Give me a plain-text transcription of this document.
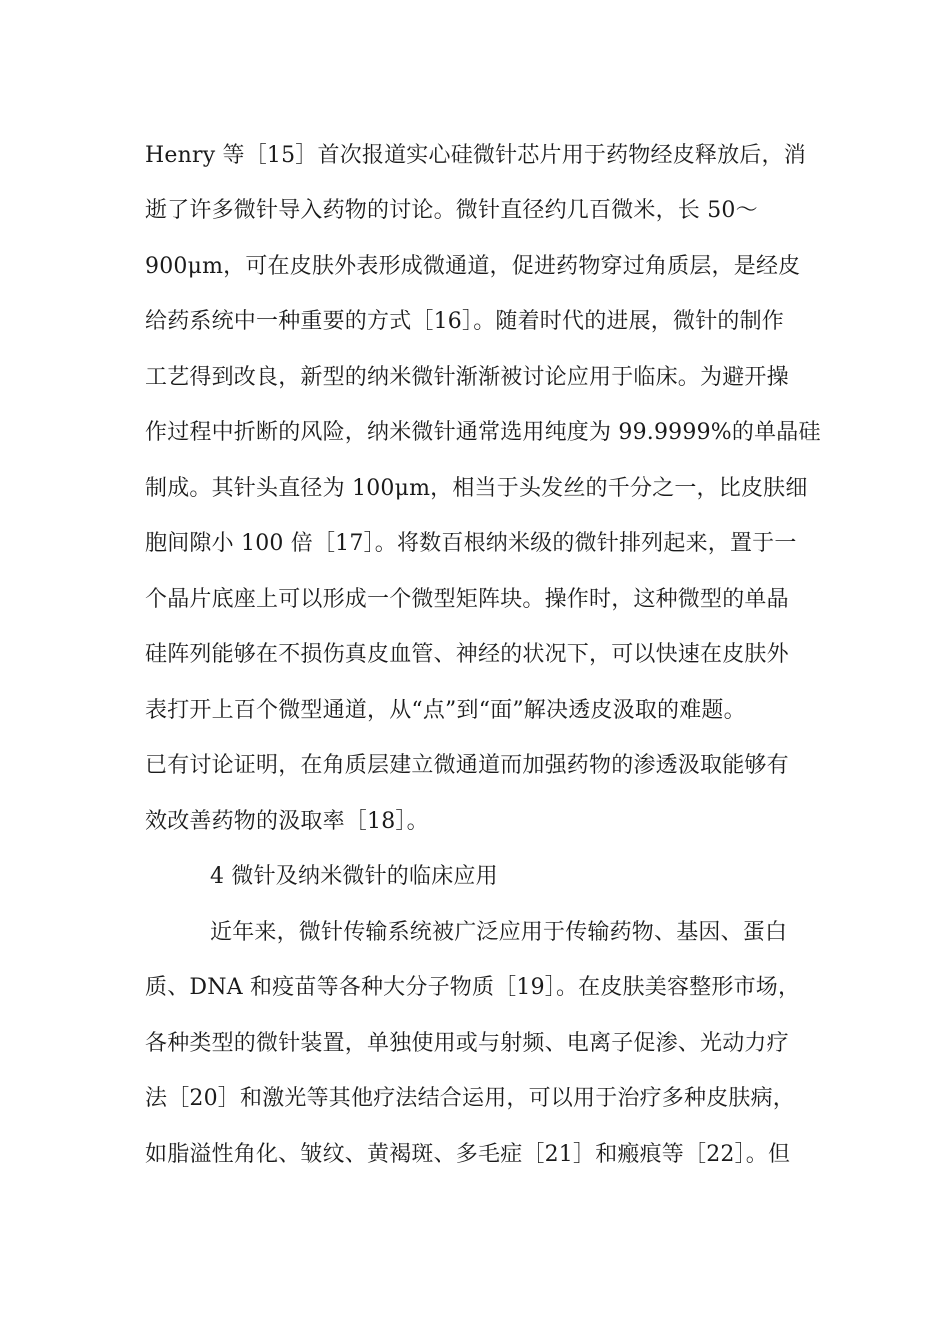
Henry 等［15］首次报道实心硅微针芯片用于药物经皮释放后，消
逝了许多微针导入药物的讨论。微针直径约几百微米，长 50～
900μm，可在皮肤外表形成微通道，促进药物穿过角质层，是经皮
给药系统中一种重要的方式［16］。随着时代的进展，微针的制作
工艺得到改良，新型的纳米微针渐渐被讨论应用于临床。为避开操
作过程中折断的风险，纳米微针通常选用纯度为 99.9999%的单晶硅
制成。其针头直径为 100μm，相当于头发丝的千分之一，比皮肤细
胞间隙小 100 倍［17］。将数百根纳米级的微针排列起来，置于一
个晶片底座上可以形成一个微型矩阵块。操作时，这种微型的单晶
硅阵列能够在不损伤真皮血管、神经的状况下，可以快速在皮肤外
表打开上百个微型通道，从“点”到“面”解决透皮汲取的难题。
已有讨论证明，在角质层建立微通道而加强药物的渗透汲取能够有
效改善药物的汲取率［18］。
4 微针及纳米微针的临床应用
近年来，微针传输系统被广泛应用于传输药物、基因、蛋白
质、DNA 和疫苗等各种大分子物质［19］。在皮肤美容整形市场，
各种类型的微针装置，单独使用或与射频、电离子促渗、光动力疗
法［20］和激光等其他疗法结合运用，可以用于治疗多种皮肤病，
如脂溢性角化、皱纹、黄褐斑、多毛症［21］和瘢痕等［22］。但
